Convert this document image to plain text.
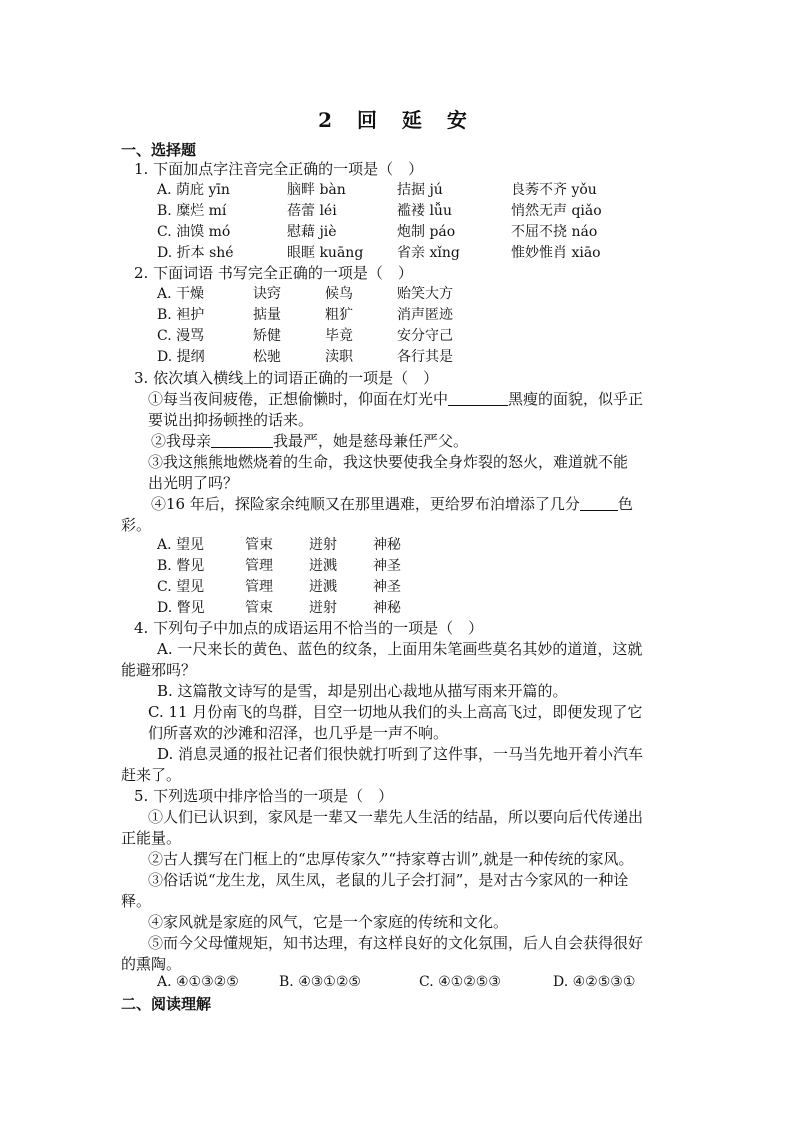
2 回 延 安
一、选择题
1. 下面加点字注音完全正确的一项是（　）
A. 荫庇 yīn	脑畔 bàn	拮据 jú	良莠不齐 yǒu
B. 糜烂 mí	蓓蕾 léi	褴褛 lǚu	悄然无声 qiǎo
C. 油馍 mó	慰藉 jiè	炮制 páo	不屈不挠 náo
D. 折本 shé	眼眶 kuāng 省亲 xǐng	惟妙惟肖 xiāo
2. 下面词语 书写完全正确的一项是（　）
A. 干燥	诀窍	候鸟	贻笑大方
B. 袒护	掂量	粗犷	消声匿迹
C. 漫骂	矫健	毕竟	安分守己
D. 提纲	松驰	渎职	各行其是
3. 依次填入横线上的词语正确的一项是（　）
①每当夜间疲倦，正想偷懒时，仰面在灯光中	黑瘦的面貌，似乎正
要说出抑扬顿挫的话来。
②我母亲	我最严，她是慈母兼任严父。
③我这熊熊地燃烧着的生命，我这快要使我全身炸裂的怒火，难道就不能
出光明了吗？
④16 年后，探险家余纯顺又在那里遇难，更给罗布泊增添了几分	色
彩。
A. 望见	管束	迸射	神秘
B. 瞥见	管理	迸溅	神圣
C. 望见	管理	迸溅	神圣
D. 瞥见	管束	迸射	神秘
4. 下列句子中加点的成语运用不恰当的一项是（　）
A. 一尺来长的黄色、蓝色的纹条，上面用朱笔画些莫名其妙的道道，这就
能避邪吗？
B. 这篇散文诗写的是雪，却是别出心裁地从描写雨来开篇的。
C. 11 月份南飞的鸟群，目空一切地从我们的头上高高飞过，即便发现了它
们所喜欢的沙滩和沼泽，也几乎是一声不响。
D. 消息灵通的报社记者们很快就打听到了这件事，一马当先地开着小汽车
赶来了。
5. 下列选项中排序恰当的一项是（　）
①人们已认识到，家风是一辈又一辈先人生活的结晶，所以要向后代传递出
正能量。
②古人撰写在门框上的“忠厚传家久”“持家尊古训”,就是一种传统的家风。
③俗话说“龙生龙，凤生凤，老鼠的儿子会打洞”，是对古今家风的一种诠
释。
④家风就是家庭的风气，它是一个家庭的传统和文化。
⑤而今父母懂规矩，知书达理，有这样良好的文化氛围，后人自会获得很好
的熏陶。
A. ④①③②⑤	B. ④③①②⑤	C. ④①②⑤③	D. ④②⑤③①
二、阅读理解
